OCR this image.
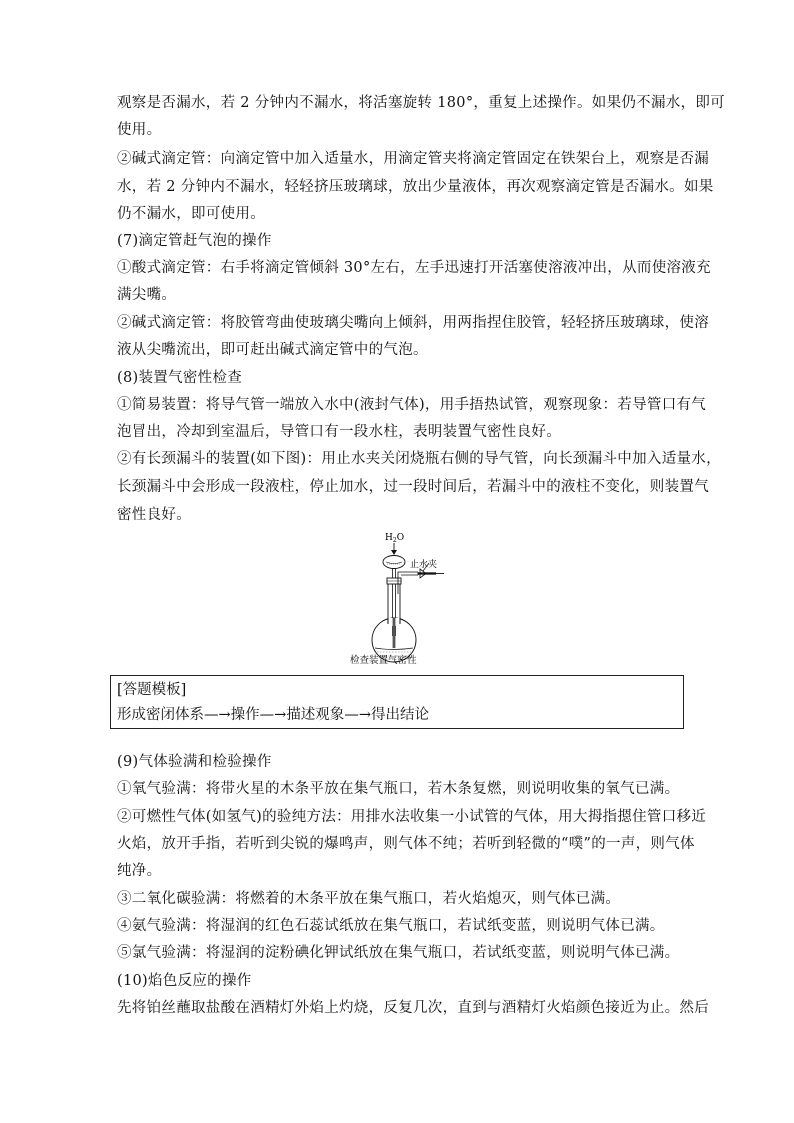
观察是否漏水，若 2 分钟内不漏水，将活塞旋转 180°，重复上述操作。如果仍不漏水，即可
使用。
②碱式滴定管：向滴定管中加入适量水，用滴定管夹将滴定管固定在铁架台上，观察是否漏
水，若 2 分钟内不漏水，轻轻挤压玻璃球，放出少量液体，再次观察滴定管是否漏水。如果
仍不漏水，即可使用。
(7)滴定管赶气泡的操作
①酸式滴定管：右手将滴定管倾斜 30°左右，左手迅速打开活塞使溶液冲出，从而使溶液充
满尖嘴。
②碱式滴定管：将胶管弯曲使玻璃尖嘴向上倾斜，用两指捏住胶管，轻轻挤压玻璃球，使溶
液从尖嘴流出，即可赶出碱式滴定管中的气泡。
(8)装置气密性检查
①简易装置：将导气管一端放入水中(液封气体)，用手捂热试管，观察现象：若导管口有气
泡冒出，冷却到室温后，导管口有一段水柱，表明装置气密性良好。
②有长颈漏斗的装置(如下图)：用止水夹关闭烧瓶右侧的导气管，向长颈漏斗中加入适量水，
长颈漏斗中会形成一段液柱，停止加水，过一段时间后，若漏斗中的液柱不变化，则装置气
密性良好。
$H_2O$
止水夹
检查装置气密性
[答题模板]
形成密闭体系—→操作—→描述观象—→得出结论
(9)气体验满和检验操作
①氧气验满：将带火星的木条平放在集气瓶口，若木条复燃，则说明收集的氧气已满。
②可燃性气体(如氢气)的验纯方法：用排水法收集一小试管的气体，用大拇指摁住管口移近
火焰，放开手指，若听到尖锐的爆鸣声，则气体不纯；若听到轻微的“噗”的一声，则气体
纯净。
③二氧化碳验满：将燃着的木条平放在集气瓶口，若火焰熄灭，则气体已满。
④氨气验满：将湿润的红色石蕊试纸放在集气瓶口，若试纸变蓝，则说明气体已满。
⑤氯气验满：将湿润的淀粉碘化钾试纸放在集气瓶口，若试纸变蓝，则说明气体已满。
(10)焰色反应的操作
先将铂丝蘸取盐酸在酒精灯外焰上灼烧，反复几次，直到与酒精灯火焰颜色接近为止。然后
